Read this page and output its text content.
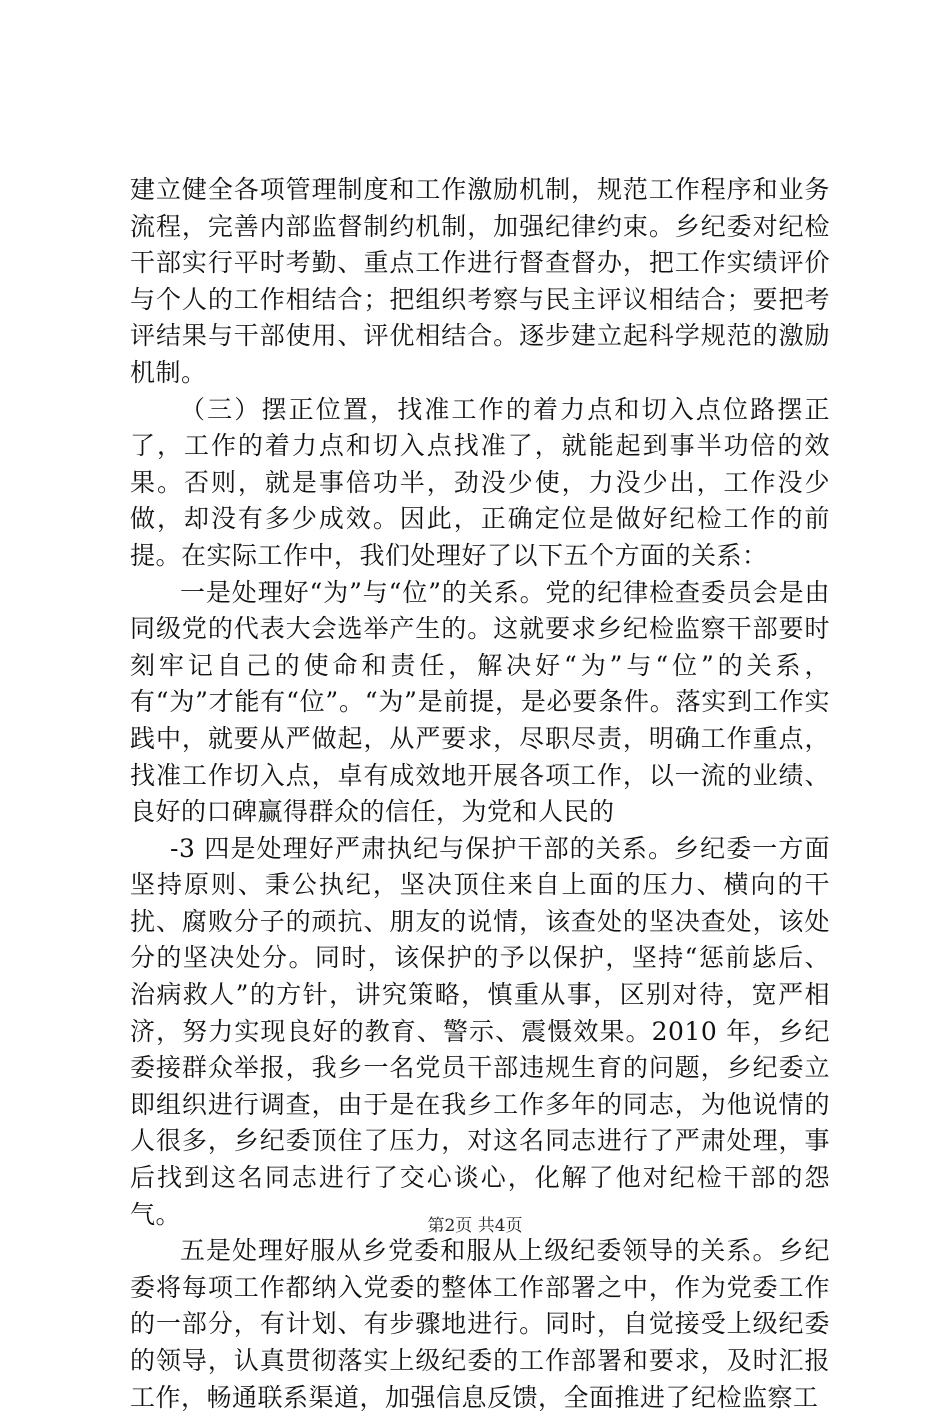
建立健全各项管理制度和工作激励机制，规范工作程序和业务流程，完善内部监督制约机制，加强纪律约束。乡纪委对纪检干部实行平时考勤、重点工作进行督查督办，把工作实绩评价与个人的工作相结合；把组织考察与民主评议相结合；要把考评结果与干部使用、评优相结合。逐步建立起科学规范的激励机制。

（三）摆正位置，找准工作的着力点和切入点位路摆正了，工作的着力点和切入点找准了，就能起到事半功倍的效果。否则，就是事倍功半，劲没少使，力没少出，工作没少做，却没有多少成效。因此，正确定位是做好纪检工作的前提。在实际工作中，我们处理好了以下五个方面的关系：

一是处理好“为”与“位”的关系。党的纪律检查委员会是由同级党的代表大会选举产生的。这就要求乡纪检监察干部要时刻牢记自己的使命和责任，解决好“为”与“位”的关系，有“为”才能有“位”。“为”是前提，是必要条件。落实到工作实践中，就要从严做起，从严要求，尽职尽责，明确工作重点，找准工作切入点，卓有成效地开展各项工作，以一流的业绩、良好的口碑赢得群众的信任，为党和人民的

-3 四是处理好严肃执纪与保护干部的关系。乡纪委一方面坚持原则、秉公执纪，坚决顶住来自上面的压力、横向的干扰、腐败分子的顽抗、朋友的说情，该查处的坚决查处，该处分的坚决处分。同时，该保护的予以保护，坚持“惩前毖后、治病救人”的方针，讲究策略，慎重从事，区别对待，宽严相济，努力实现良好的教育、警示、震慑效果。2010 年，乡纪委接群众举报，我乡一名党员干部违规生育的问题，乡纪委立即组织进行调查，由于是在我乡工作多年的同志，为他说情的人很多，乡纪委顶住了压力，对这名同志进行了严肃处理，事后找到这名同志进行了交心谈心，化解了他对纪检干部的怨气。

五是处理好服从乡党委和服从上级纪委领导的关系。乡纪委将每项工作都纳入党委的整体工作部署之中，作为党委工作的一部分，有计划、有步骤地进行。同时，自觉接受上级纪委的领导，认真贯彻落实上级纪委的工作部署和要求，及时汇报工作，畅通联系渠道，加强信息反馈，全面推进了纪检监察工

第2页 共4页
